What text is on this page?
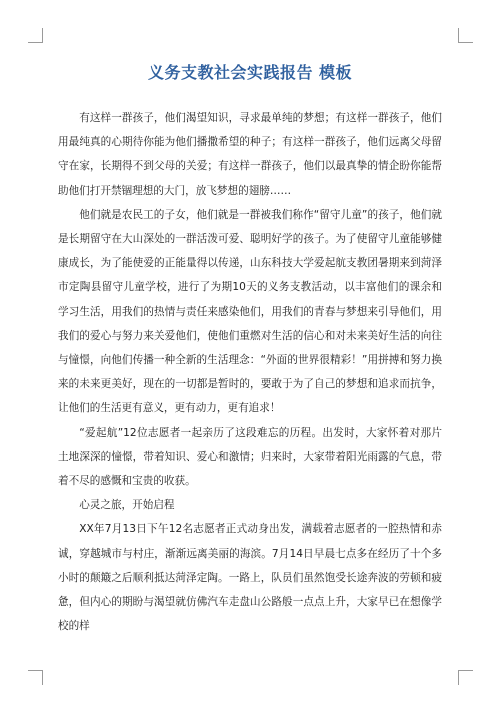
义务支教社会实践报告 模板

有这样一群孩子，他们渴望知识，寻求最单纯的梦想；有这样一群孩子，他们用最纯真的心期待你能为他们播撒希望的种子；有这样一群孩子，他们远离父母留守在家，长期得不到父母的关爱；有这样一群孩子，他们以最真挚的情企盼你能帮助他们打开禁锢理想的大门，放飞梦想的翅膀……

他们就是农民工的子女，他们就是一群被我们称作“留守儿童”的孩子，他们就是长期留守在大山深处的一群活泼可爱、聪明好学的孩子。为了使留守儿童能够健康成长，为了能使爱的正能量得以传递，山东科技大学爱起航支教团暑期来到菏泽市定陶县留守儿童学校，进行了为期10天的义务支教活动，以丰富他们的课余和学习生活，用我们的热情与责任来感染他们，用我们的青春与梦想来引导他们，用我们的爱心与努力来关爱他们，使他们重燃对生活的信心和对未来美好生活的向往与憧憬，向他们传播一种全新的生活理念：“外面的世界很精彩！”用拼搏和努力换来的未来更美好，现在的一切都是暂时的，要敢于为了自己的梦想和追求而抗争，让他们的生活更有意义，更有动力，更有追求！

“爱起航”12位志愿者一起亲历了这段难忘的历程。出发时，大家怀着对那片土地深深的憧憬，带着知识、爱心和激情；归来时，大家带着阳光雨露的气息，带着不尽的感慨和宝贵的收获。

心灵之旅，开始启程

XX年7月13日下午12名志愿者正式动身出发，满载着志愿者的一腔热情和赤诚，穿越城市与村庄，渐渐远离美丽的海滨。7月14日早晨七点多在经历了十个多小时的颠簸之后顺利抵达菏泽定陶。一路上，队员们虽然饱受长途奔波的劳顿和疲惫，但内心的期盼与渴望就仿佛汽车走盘山公路般一点点上升，大家早已在想像学校的样
